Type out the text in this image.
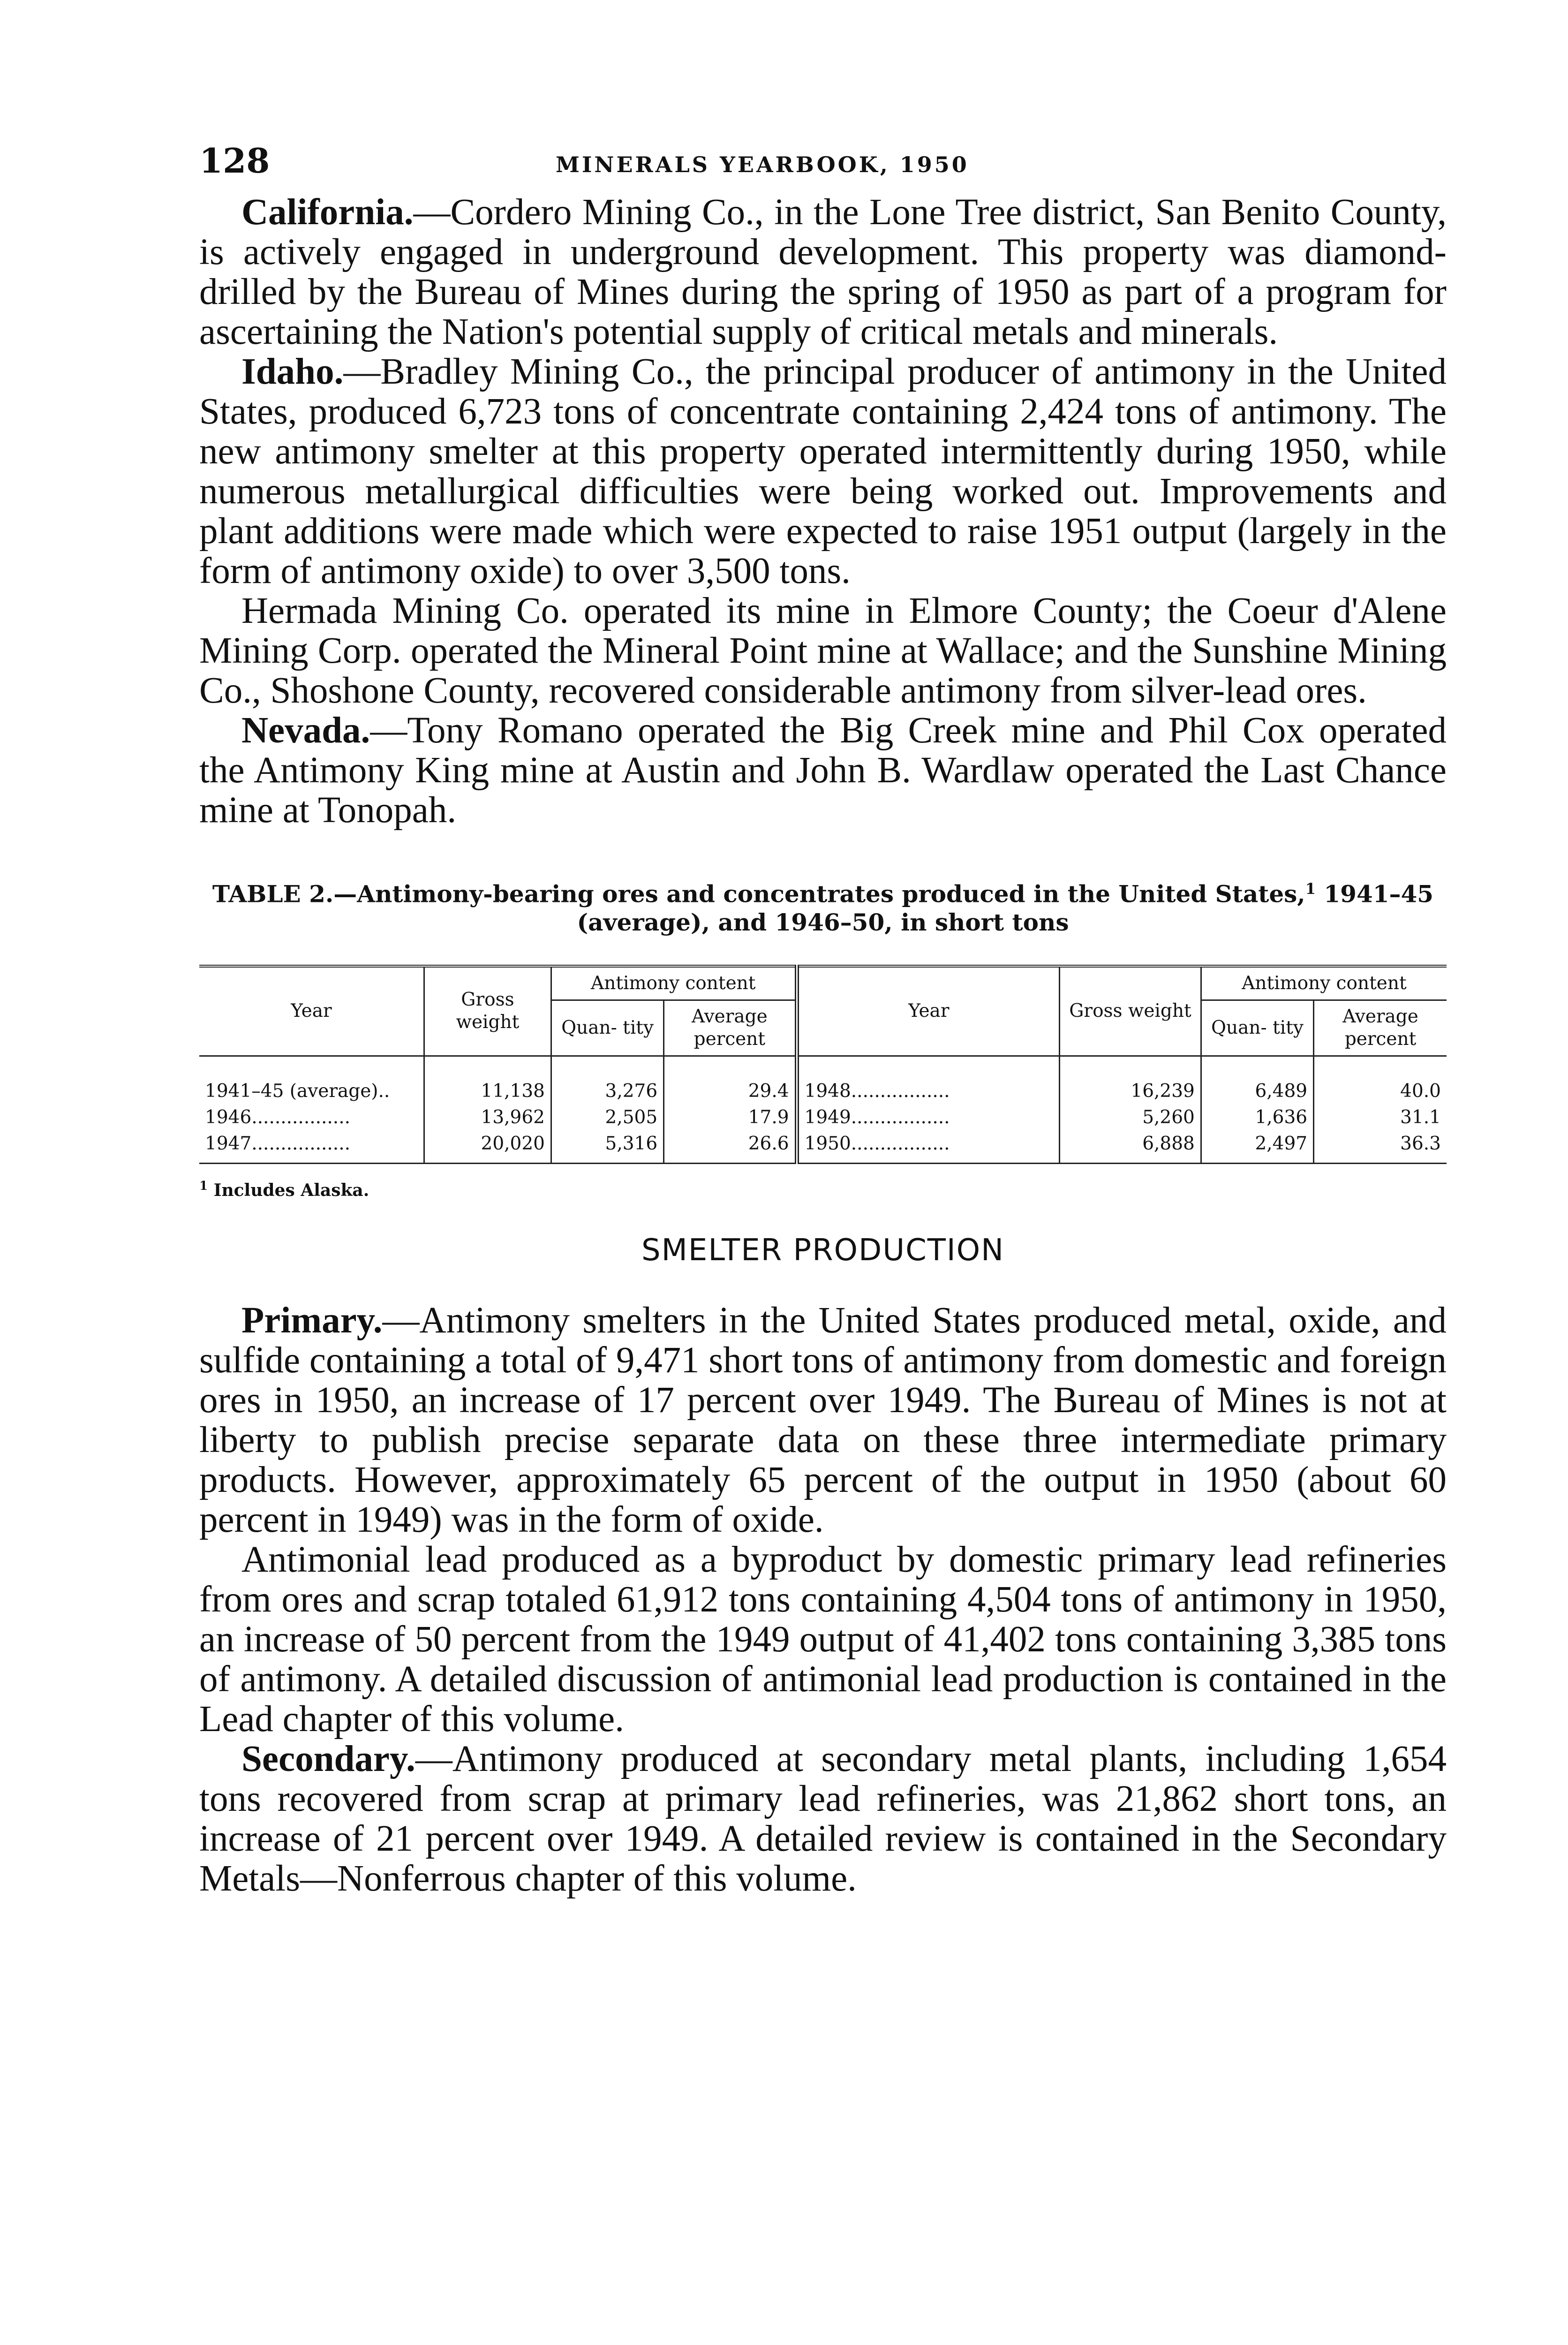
128	MINERALS YEARBOOK, 1950

California.—Cordero Mining Co., in the Lone Tree district, San Benito County, is actively engaged in underground development. This property was diamond-drilled by the Bureau of Mines during the spring of 1950 as part of a program for ascertaining the Nation's potential supply of critical metals and minerals.

Idaho.—Bradley Mining Co., the principal producer of antimony in the United States, produced 6,723 tons of concentrate containing 2,424 tons of antimony. The new antimony smelter at this property operated intermittently during 1950, while numerous metallurgical difficulties were being worked out. Improvements and plant additions were made which were expected to raise 1951 output (largely in the form of antimony oxide) to over 3,500 tons.

Hermada Mining Co. operated its mine in Elmore County; the Coeur d'Alene Mining Corp. operated the Mineral Point mine at Wallace; and the Sunshine Mining Co., Shoshone County, recovered considerable antimony from silver-lead ores.

Nevada.—Tony Romano operated the Big Creek mine and Phil Cox operated the Antimony King mine at Austin and John B. Wardlaw operated the Last Chance mine at Tonopah.

TABLE 2.—Antimony-bearing ores and concentrates produced in the United States,$^1$ 1941–45 (average), and 1946–50, in short tons
Year	Gross weight	Antimony content		Year	Gross weight	Antimony content	
		Quan- tity	Average percent			Quan- tity	Average percent
1941–45 (average)..	11,138	3,276	29.4	1948.................	16,239	6,489	40.0
1946.................	13,962	2,505	17.9	1949.................	5,260	1,636	31.1
1947.................	20,020	5,316	26.6	1950.................	6,888	2,497	36.3
$^1$ Includes Alaska.
SMELTER PRODUCTION

Primary.—Antimony smelters in the United States produced metal, oxide, and sulfide containing a total of 9,471 short tons of antimony from domestic and foreign ores in 1950, an increase of 17 percent over 1949. The Bureau of Mines is not at liberty to publish precise separate data on these three intermediate primary products. However, approximately 65 percent of the output in 1950 (about 60 percent in 1949) was in the form of oxide.

Antimonial lead produced as a byproduct by domestic primary lead refineries from ores and scrap totaled 61,912 tons containing 4,504 tons of antimony in 1950, an increase of 50 percent from the 1949 output of 41,402 tons containing 3,385 tons of antimony. A detailed discussion of antimonial lead production is contained in the Lead chapter of this volume.

Secondary.—Antimony produced at secondary metal plants, including 1,654 tons recovered from scrap at primary lead refineries, was 21,862 short tons, an increase of 21 percent over 1949. A detailed review is contained in the Secondary Metals—Nonferrous chapter of this volume.
